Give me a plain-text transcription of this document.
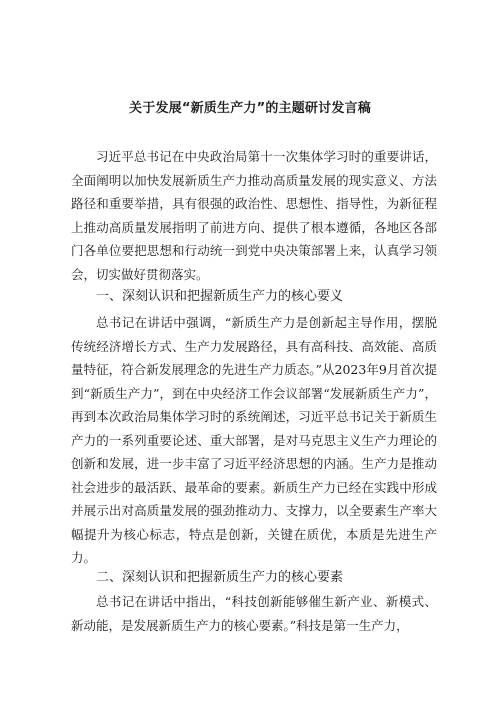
关于发展“新质生产力”的主题研讨发言稿

习近平总书记在中央政治局第十一次集体学习时的重要讲话，全面阐明以加快发展新质生产力推动高质量发展的现实意义、方法路径和重要举措，具有很强的政治性、思想性、指导性，为新征程上推动高质量发展指明了前进方向、提供了根本遵循，各地区各部门各单位要把思想和行动统一到党中央决策部署上来，认真学习领会，切实做好贯彻落实。

一、深刻认识和把握新质生产力的核心要义

总书记在讲话中强调，“新质生产力是创新起主导作用，摆脱传统经济增长方式、生产力发展路径，具有高科技、高效能、高质量特征，符合新发展理念的先进生产力质态。”从2023年9月首次提到“新质生产力”，到在中央经济工作会议部署“发展新质生产力”，再到本次政治局集体学习时的系统阐述，习近平总书记关于新质生产力的一系列重要论述、重大部署，是对马克思主义生产力理论的创新和发展，进一步丰富了习近平经济思想的内涵。生产力是推动社会进步的最活跃、最革命的要素。新质生产力已经在实践中形成并展示出对高质量发展的强劲推动力、支撑力，以全要素生产率大幅提升为核心标志，特点是创新，关键在质优，本质是先进生产力。

二、深刻认识和把握新质生产力的核心要素

总书记在讲话中指出，“科技创新能够催生新产业、新模式、新动能，是发展新质生产力的核心要素。”科技是第一生产力，
